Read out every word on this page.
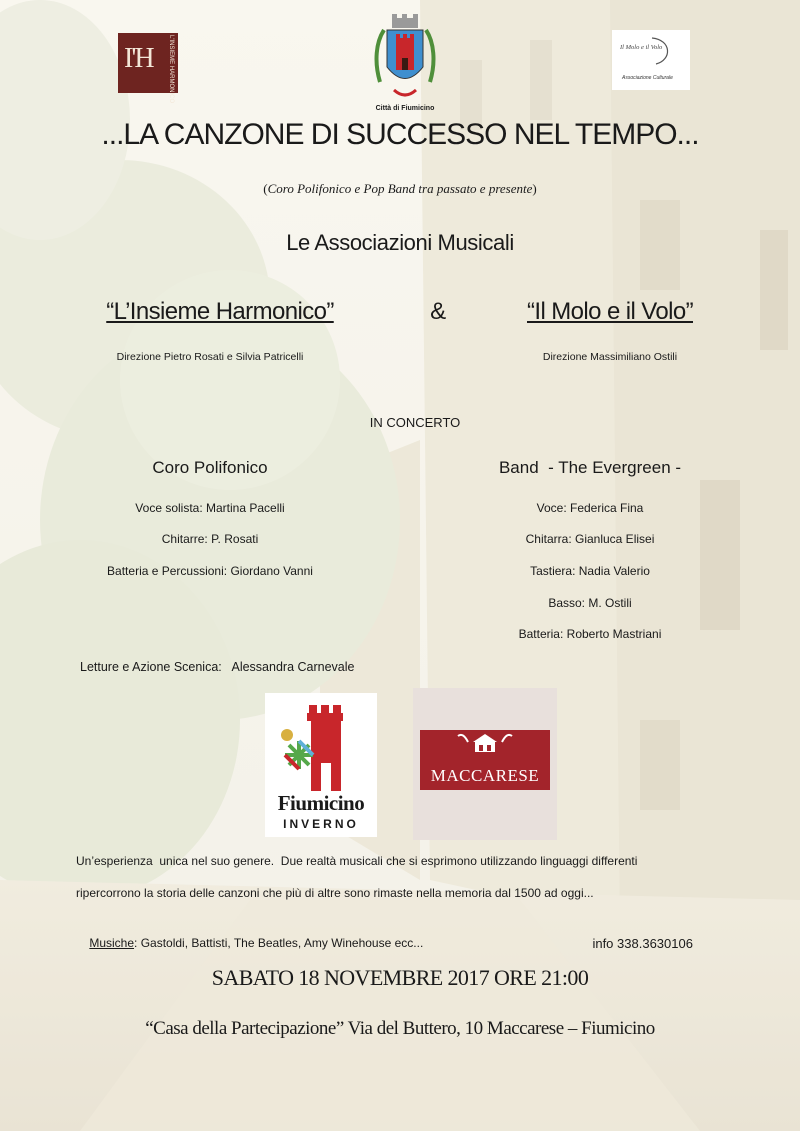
I'H	L'INSIEME HARMONICO
Città di Fiumicino
Il Molo e il Volo
Associazione Culturale
...LA CANZONE DI SUCCESSO NEL TEMPO...
(Coro Polifonico e Pop Band tra passato e presente)
Le Associazioni Musicali
“L’Insieme Harmonico”	&	“Il Molo e il Volo”
Direzione Pietro Rosati e Silvia Patricelli	Direzione Massimiliano Ostili
IN CONCERTO
Coro Polifonico
Voce solista: Martina Pacelli
Chitarre: P. Rosati
Batteria e Percussioni: Giordano Vanni
Band  - The Evergreen -
Voce: Federica Fina
Chitarra: Gianluca Elisei
Tastiera: Nadia Valerio
Basso: M. Ostili
Batteria: Roberto Mastriani
Letture e Azione Scenica:   Alessandra Carnevale
Fiumicino
INVERNO
MACCARESE
Un’esperienza  unica nel suo genere.  Due realtà musicali che si esprimono utilizzando linguaggi differenti
ripercorrono la storia delle canzoni che più di altre sono rimaste nella memoria dal 1500 ad oggi...

Musiche: Gastoldi, Battisti, The Beatles, Amy Winehouse ecc...
	info 338.3630106

SABATO 18 NOVEMBRE 2017 ORE 21:00
“Casa della Partecipazione” Via del Buttero, 10 Maccarese – Fiumicino
